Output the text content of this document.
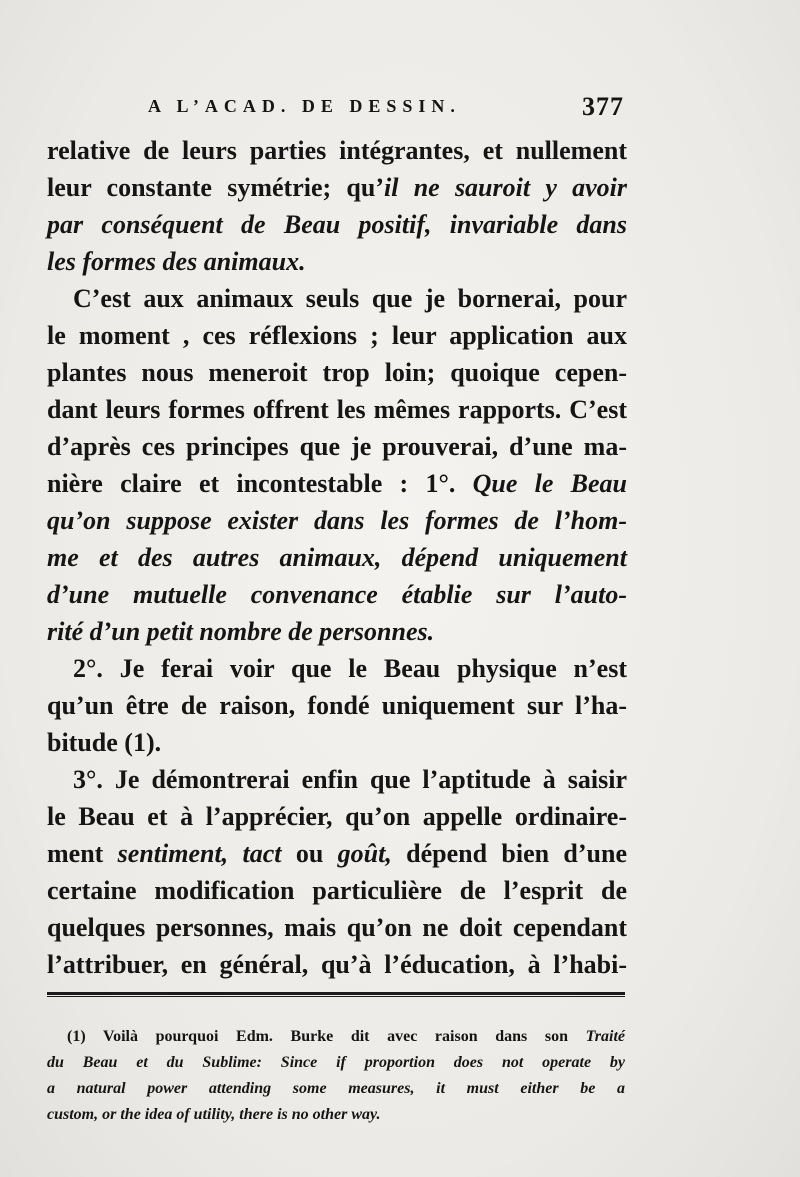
A L’ACAD. DE DESSIN.	377
relative de leurs parties intégrantes, et nullement
leur constante symétrie; qu’il ne sauroit y avoir
par conséquent de Beau positif, invariable dans
les formes des animaux.
C’est aux animaux seuls que je bornerai, pour
le moment , ces réflexions ; leur application aux
plantes nous meneroit trop loin; quoique cepen-
dant leurs formes offrent les mêmes rapports. C’est
d’après ces principes que je prouverai, d’une ma-
nière claire et incontestable : 1°. Que le Beau
qu’on suppose exister dans les formes de l’hom-
me et des autres animaux, dépend uniquement
d’une mutuelle convenance établie sur l’auto-
rité d’un petit nombre de personnes.
2°. Je ferai voir que le Beau physique n’est
qu’un être de raison, fondé uniquement sur l’ha-
bitude (1).
3°. Je démontrerai enfin que l’aptitude à saisir
le Beau et à l’apprécier, qu’on appelle ordinaire-
ment sentiment, tact ou goût, dépend bien d’une
certaine modification particulière de l’esprit de
quelques personnes, mais qu’on ne doit cependant
l’attribuer, en général, qu’à l’éducation, à l’habi-
(1) Voilà pourquoi Edm. Burke dit avec raison dans son Traité
du Beau et du Sublime: Since if proportion does not operate by
a natural power attending some measures, it must either be a
custom, or the idea of utility, there is no other way.
